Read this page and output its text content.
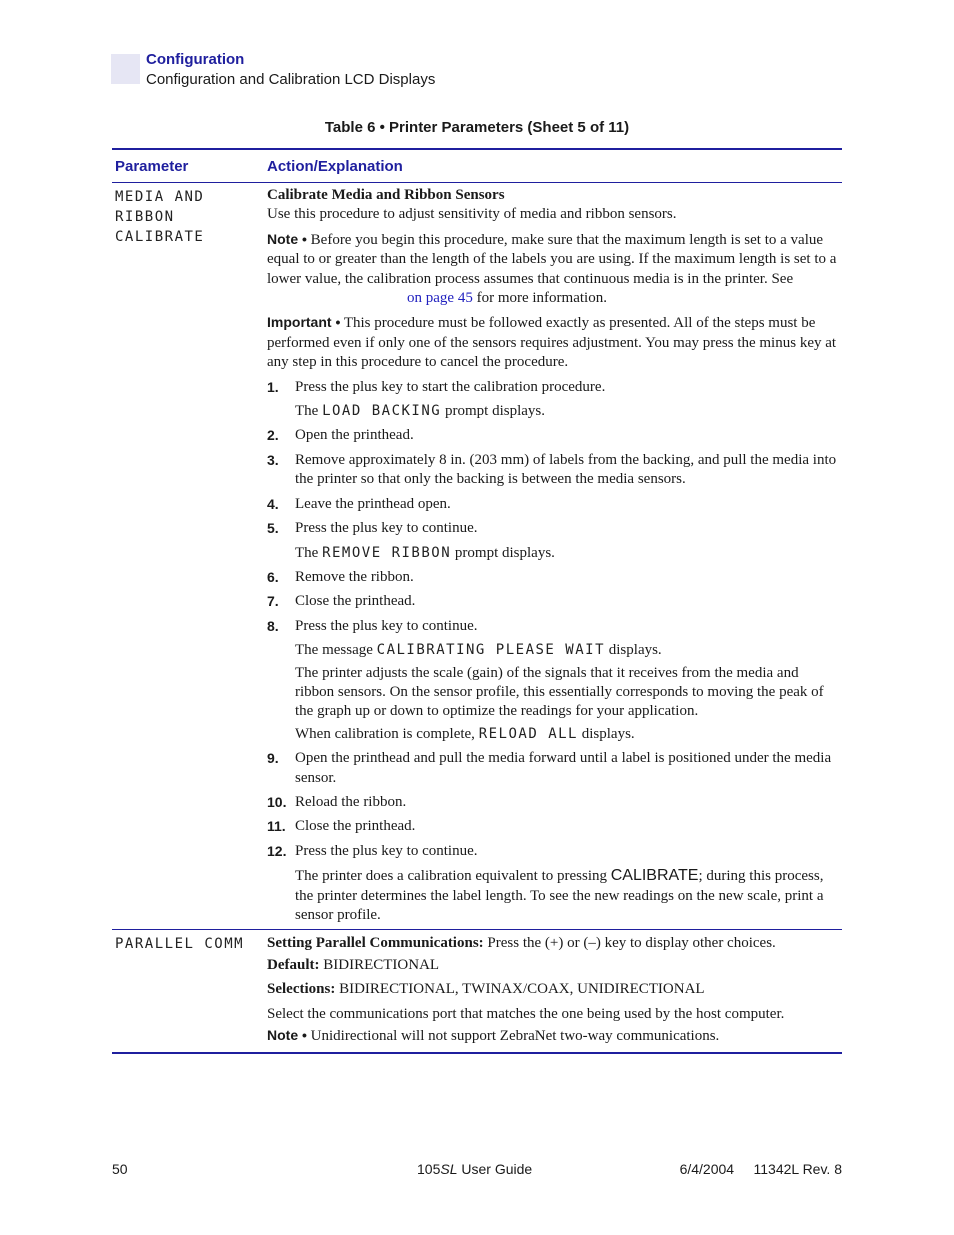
Configuration
Configuration and Calibration LCD Displays
Table 6 • Printer Parameters (Sheet 5 of 11)
Parameter	Action/Explanation
MEDIA AND
RIBBON
CALIBRATE

Calibrate Media and Ribbon Sensors

Use this procedure to adjust sensitivity of media and ribbon sensors.

Note • Before you begin this procedure, make sure that the maximum length is set to a value equal to or greater than the length of the labels you are using. If the maximum length is set to a lower value, the calibration process assumes that continuous media is in the printer. See on page 45 for more information.

Important • This procedure must be followed exactly as presented. All of the steps must be performed even if only one of the sensors requires adjustment. You may press the minus key at any step in this procedure to cancel the procedure.

1.	Press the plus key to start the calibration procedure.
The LOAD BACKING prompt displays.
2.	Open the printhead.
3.	Remove approximately 8 in. (203 mm) of labels from the backing, and pull the media into the printer so that only the backing is between the media sensors.
4.	Leave the printhead open.
5.	Press the plus key to continue.
The REMOVE RIBBON prompt displays.
6.	Remove the ribbon.
7.	Close the printhead.
8.	Press the plus key to continue.
The message CALIBRATING PLEASE WAIT displays.
The printer adjusts the scale (gain) of the signals that it receives from the media and ribbon sensors. On the sensor profile, this essentially corresponds to moving the peak of the graph up or down to optimize the readings for your application.
When calibration is complete, RELOAD ALL displays.
9.	Open the printhead and pull the media forward until a label is positioned under the media sensor.
10. Reload the ribbon.
11. Close the printhead.
12. Press the plus key to continue.
The printer does a calibration equivalent to pressing CALIBRATE; during this process, the printer determines the label length. To see the new readings on the new scale, print a sensor profile.
PARALLEL COMM	Setting Parallel Communications: Press the (+) or (–) key to display other choices.

Default: BIDIRECTIONAL

Selections: BIDIRECTIONAL, TWINAX/COAX, UNIDIRECTIONAL

Select the communications port that matches the one being used by the host computer.

Note • Unidirectional will not support ZebraNet two-way communications.

50	105SL User Guide	6/4/2004     11342L Rev. 8
